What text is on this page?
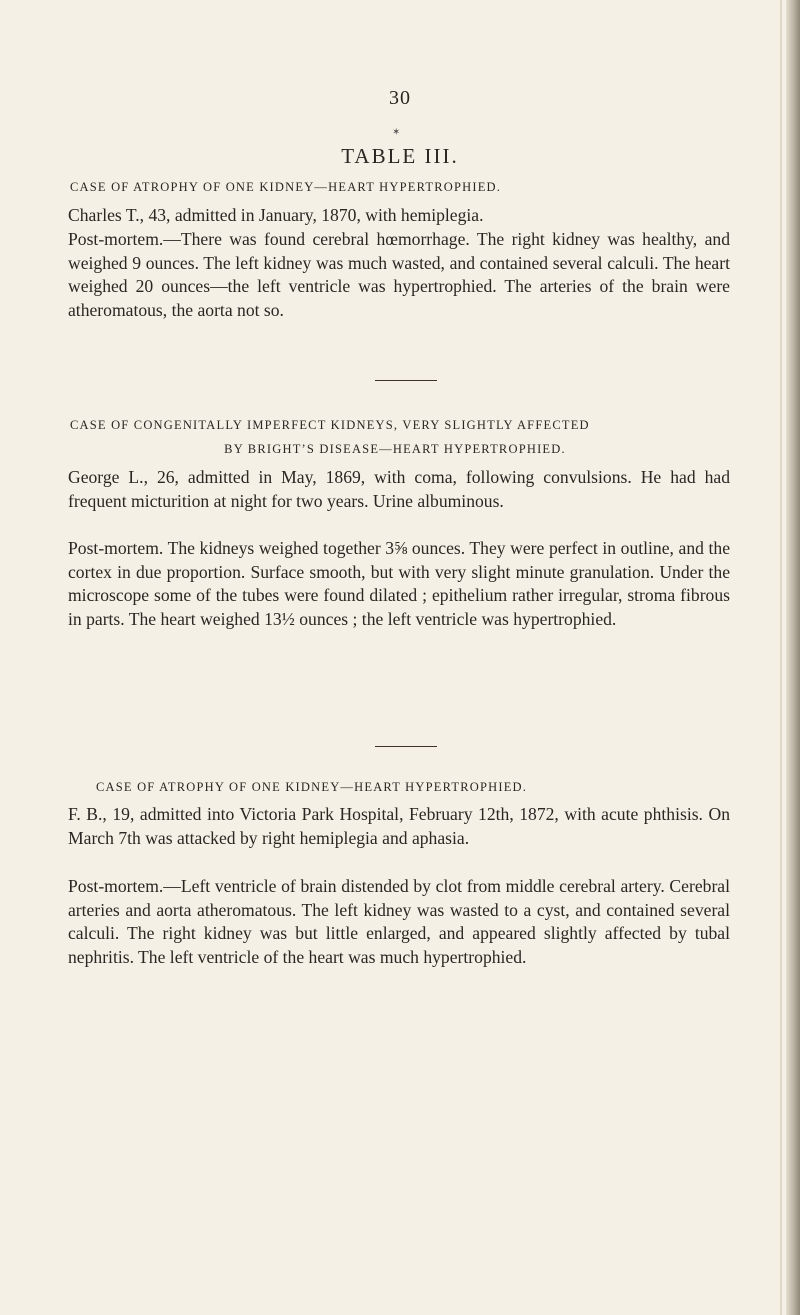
30
✶
TABLE III.
CASE OF ATROPHY OF ONE KIDNEY—HEART HYPERTROPHIED.
Charles T., 43, admitted in January, 1870, with hemiplegia.
Post-mortem.—There was found cerebral hœmorrhage. The right kidney was healthy, and weighed 9 ounces. The left kidney was much wasted, and contained several calculi. The heart weighed 20 ounces—the left ventricle was hypertrophied. The arteries of the brain were atheromatous, the aorta not so.
CASE OF CONGENITALLY IMPERFECT KIDNEYS, VERY SLIGHTLY AFFECTED
BY BRIGHT’S DISEASE—HEART HYPERTROPHIED.
George L., 26, admitted in May, 1869, with coma, following convulsions. He had had frequent micturition at night for two years. Urine albuminous.
Post-mortem. The kidneys weighed together 3⅝ ounces. They were perfect in outline, and the cortex in due proportion. Surface smooth, but with very slight minute granulation. Under the microscope some of the tubes were found dilated ; epithelium rather irregular, stroma fibrous in parts. The heart weighed 13½ ounces ; the left ventricle was hypertrophied.
CASE OF ATROPHY OF ONE KIDNEY—HEART HYPERTROPHIED.
F. B., 19, admitted into Victoria Park Hospital, February 12th, 1872, with acute phthisis. On March 7th was attacked by right hemiplegia and aphasia.
Post-mortem.—Left ventricle of brain distended by clot from middle cerebral artery. Cerebral arteries and aorta atheromatous. The left kidney was wasted to a cyst, and contained several calculi. The right kidney was but little enlarged, and appeared slightly affected by tubal nephritis. The left ventricle of the heart was much hypertrophied.
